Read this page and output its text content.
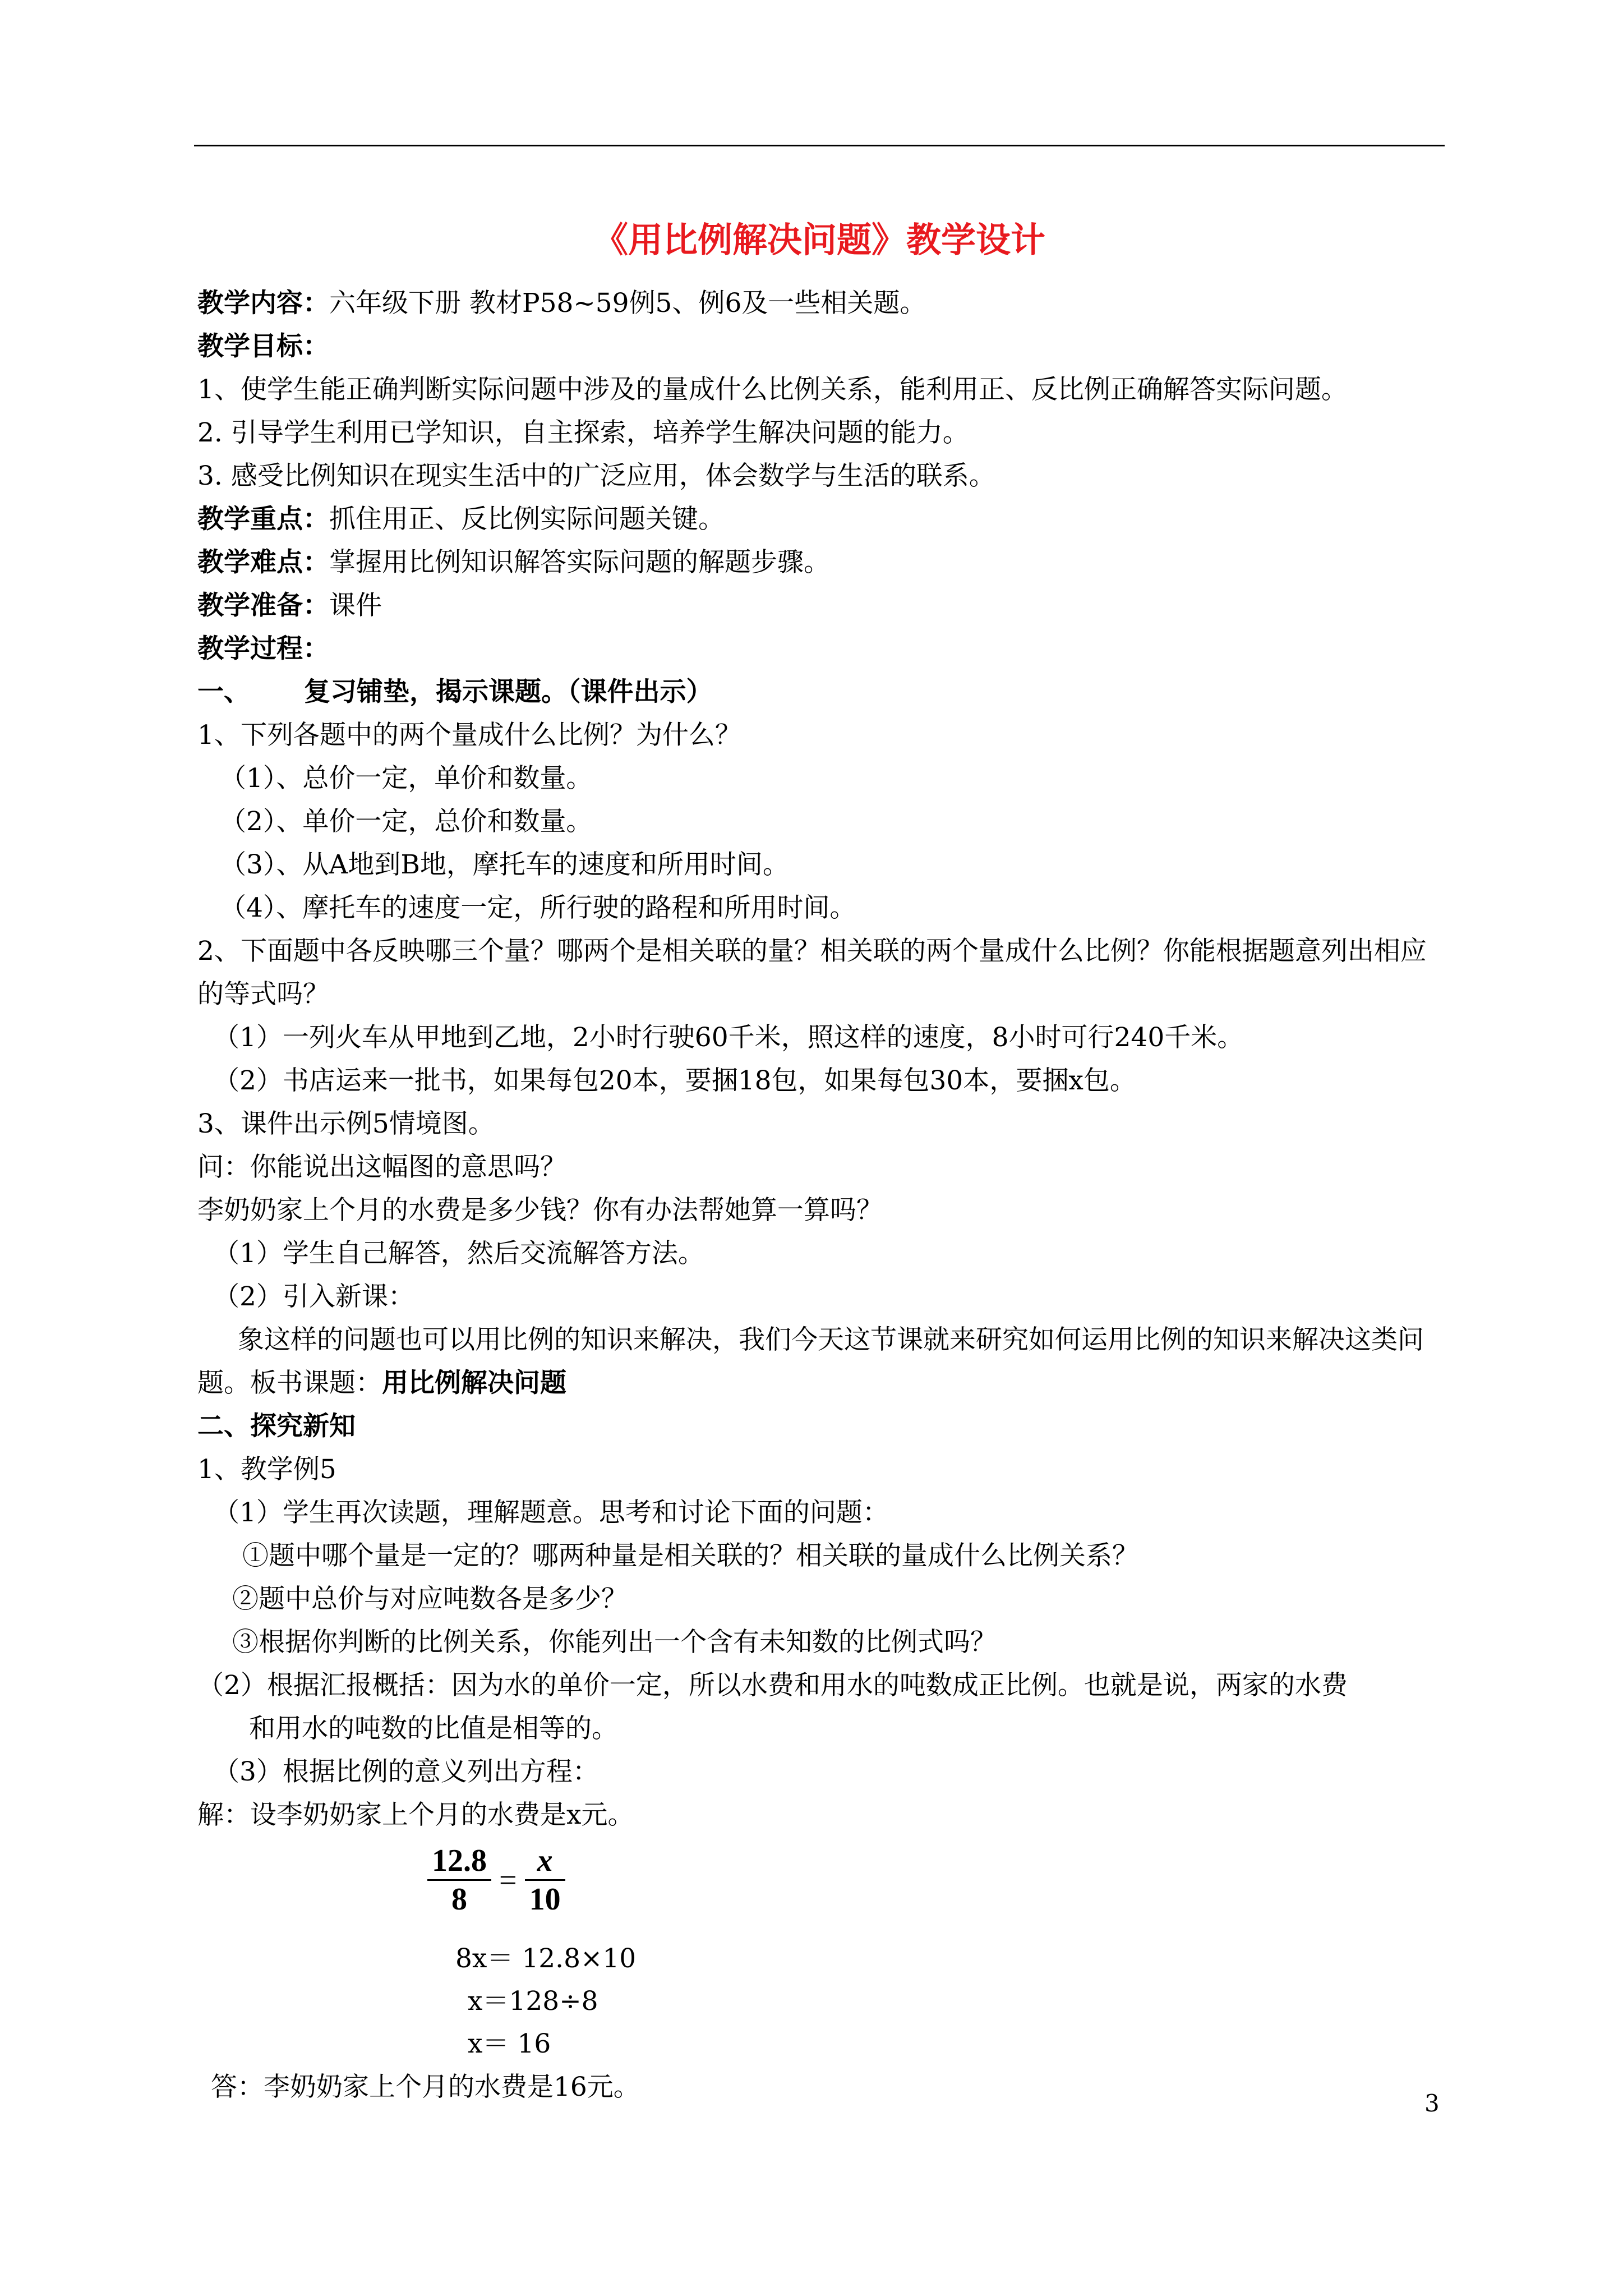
《用比例解决问题》教学设计
教学内容：六年级下册 教材P58~59例5、例6及一些相关题。
教学目标：
1、使学生能正确判断实际问题中涉及的量成什么比例关系，能利用正、反比例正确解答实际问题。
2. 引导学生利用已学知识，自主探索，培养学生解决问题的能力。
3. 感受比例知识在现实生活中的广泛应用，体会数学与生活的联系。
教学重点：抓住用正、反比例实际问题关键。
教学难点：掌握用比例知识解答实际问题的解题步骤。
教学准备：课件
教学过程：
一、 复习铺垫，揭示课题。（课件出示）
1、下列各题中的两个量成什么比例？为什么？
（1）、总价一定，单价和数量。
（2）、单价一定，总价和数量。
（3）、从A地到B地，摩托车的速度和所用时间。
（4）、摩托车的速度一定，所行驶的路程和所用时间。
2、下面题中各反映哪三个量？哪两个是相关联的量？相关联的两个量成什么比例？你能根据题意列出相应的等式吗？
（1）一列火车从甲地到乙地，2小时行驶60千米，照这样的速度，8小时可行240千米。
（2）书店运来一批书，如果每包20本，要捆18包，如果每包30本，要捆x包。
3、课件出示例5情境图。
问：你能说出这幅图的意思吗？
李奶奶家上个月的水费是多少钱？你有办法帮她算一算吗？
（1）学生自己解答，然后交流解答方法。
（2）引入新课：
象这样的问题也可以用比例的知识来解决，我们今天这节课就来研究如何运用比例的知识来解决这类问题。板书课题：用比例解决问题
二、探究新知
1、教学例5
（1）学生再次读题，理解题意。思考和讨论下面的问题：
①题中哪个量是一定的？哪两种量是相关联的？相关联的量成什么比例关系？
②题中总价与对应吨数各是多少？
③根据你判断的比例关系，你能列出一个含有未知数的比例式吗？
（2）根据汇报概括：因为水的单价一定，所以水费和用水的吨数成正比例。也就是说，两家的水费
和用水的吨数的比值是相等的。
（3）根据比例的意义列出方程：
解：设李奶奶家上个月的水费是x元。
$\frac{12.8}{8} = \frac{x}{10}$
8x＝ 12.8×10
x＝128÷8
x＝ 16
答：李奶奶家上个月的水费是16元。
3
